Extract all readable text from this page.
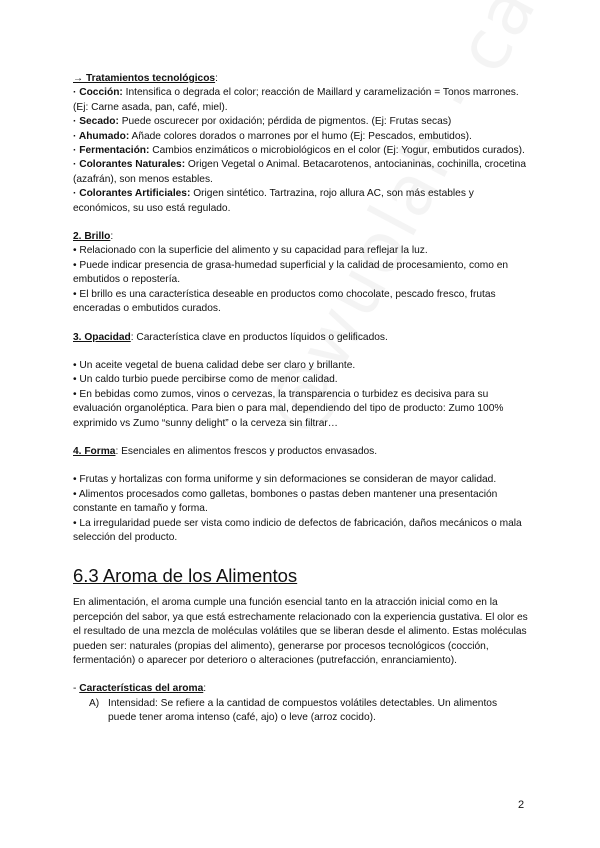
→ Tratamientos tecnológicos:

· Cocción: Intensifica o degrada el color; reacción de Maillard y caramelización = Tonos marrones. (Ej: Carne asada, pan, café, miel).

· Secado: Puede oscurecer por oxidación; pérdida de pigmentos. (Ej: Frutas secas)

· Ahumado: Añade colores dorados o marrones por el humo (Ej: Pescados, embutidos).

· Fermentación: Cambios enzimáticos o microbiológicos en el color (Ej: Yogur, embutidos curados).

· Colorantes Naturales: Origen Vegetal o Animal. Betacarotenos, antocianinas, cochinilla, crocetina (azafrán), son menos estables.

· Colorantes Artificiales: Origen sintético. Tartrazina, rojo allura AC, son más estables y económicos, su uso está regulado.

2. Brillo:

• Relacionado con la superficie del alimento y su capacidad para reflejar la luz.

• Puede indicar presencia de grasa-humedad superficial y la calidad de procesamiento, como en embutidos o repostería.

• El brillo es una característica deseable en productos como chocolate, pescado fresco, frutas enceradas o embutidos curados.

3. Opacidad: Característica clave en productos líquidos o gelificados.

• Un aceite vegetal de buena calidad debe ser claro y brillante.

• Un caldo turbio puede percibirse como de menor calidad.

• En bebidas como zumos, vinos o cervezas, la transparencia o turbidez es decisiva para su evaluación organoléptica. Para bien o para mal, dependiendo del tipo de producto: Zumo 100% exprimido vs Zumo “sunny delight” o la cerveza sin filtrar…

4. Forma: Esenciales en alimentos frescos y productos envasados.

• Frutas y hortalizas con forma uniforme y sin deformaciones se consideran de mayor calidad.

• Alimentos procesados como galletas, bombones o pastas deben mantener una presentación constante en tamaño y forma.

• La irregularidad puede ser vista como indicio de defectos de fabricación, daños mecánicos o mala selección del producto.

6.3 Aroma de los Alimentos

En alimentación, el aroma cumple una función esencial tanto en la atracción inicial como en la percepción del sabor, ya que está estrechamente relacionado con la experiencia gustativa. El olor es el resultado de una mezcla de moléculas volátiles que se liberan desde el alimento. Estas moléculas pueden ser: naturales (propias del alimento), generarse por procesos tecnológicos (cocción, fermentación) o aparecer por deterioro o alteraciones (putrefacción, enranciamiento).

- Características del aroma:

A) Intensidad: Se refiere a la cantidad de compuestos volátiles detectables. Un alimentos puede tener aroma intenso (café, ajo) o leve (arroz cocido).
2
